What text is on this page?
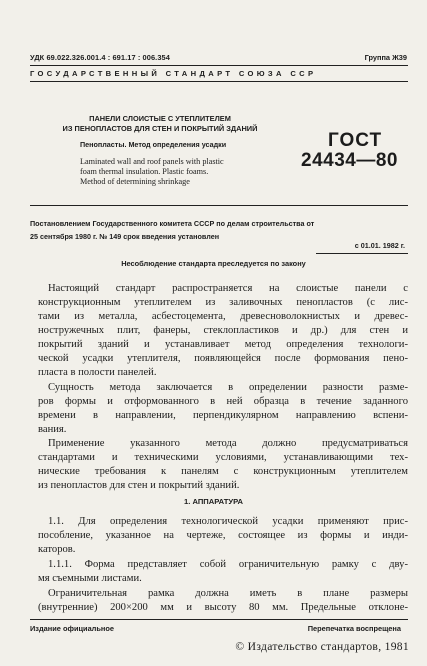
УДК 69.022.326.001.4 : 691.17 : 006.354	Группа Ж39
ГОСУДАРСТВЕННЫЙ СТАНДАРТ СОЮЗА ССР
ПАНЕЛИ СЛОИСТЫЕ С УТЕПЛИТЕЛЕМ
ИЗ ПЕНОПЛАСТОВ ДЛЯ СТЕН И ПОКРЫТИЙ ЗДАНИЙ
Пенопласты. Метод определения усадки
Laminated wall and roof panels with plastic
foam thermal insulation. Plastic foams.
Method of determining shrinkage
ГОСТ
24434—80
Постановлением Государственного комитета СССР по делам строительства от
25 сентября 1980 г. № 149 срок введения установлен
с 01.01. 1982 г.
Несоблюдение стандарта преследуется по закону
Настоящий стандарт распространяется на слоистые панели с
конструкционным утеплителем из заливочных пенопластов (с лис-
тами из металла, асбестоцемента, древесноволокнистых и древес-
ностружечных плит, фанеры, стеклопластиков и др.) для стен и
покрытий зданий и устанавливает метод определения технологи-
ческой усадки утеплителя, появляющейся после формования пено-
пласта в полости панелей.
Сущность метода заключается в определении разности разме-
ров формы и отформованного в ней образца в течение заданного
времени в направлении, перпендикулярном направлению вспени-
вания.
Применение указанного метода должно предусматриваться
стандартами и техническими условиями, устанавливающими тех-
нические требования к панелям с конструкционным утеплителем
из пенопластов для стен и покрытий зданий.
1. АППАРАТУРА
1.1. Для определения технологической усадки применяют прис-
пособление, указанное на чертеже, состоящее из формы и инди-
каторов.
1.1.1. Форма представляет собой ограничительную рамку с дву-
мя съемными листами.
Ограничительная рамка должна иметь в плане размеры
(внутренние) 200×200 мм и высоту 80 мм. Предельные отклоне-
Издание официальное	Перепечатка воспрещена
© Издательство стандартов, 1981
